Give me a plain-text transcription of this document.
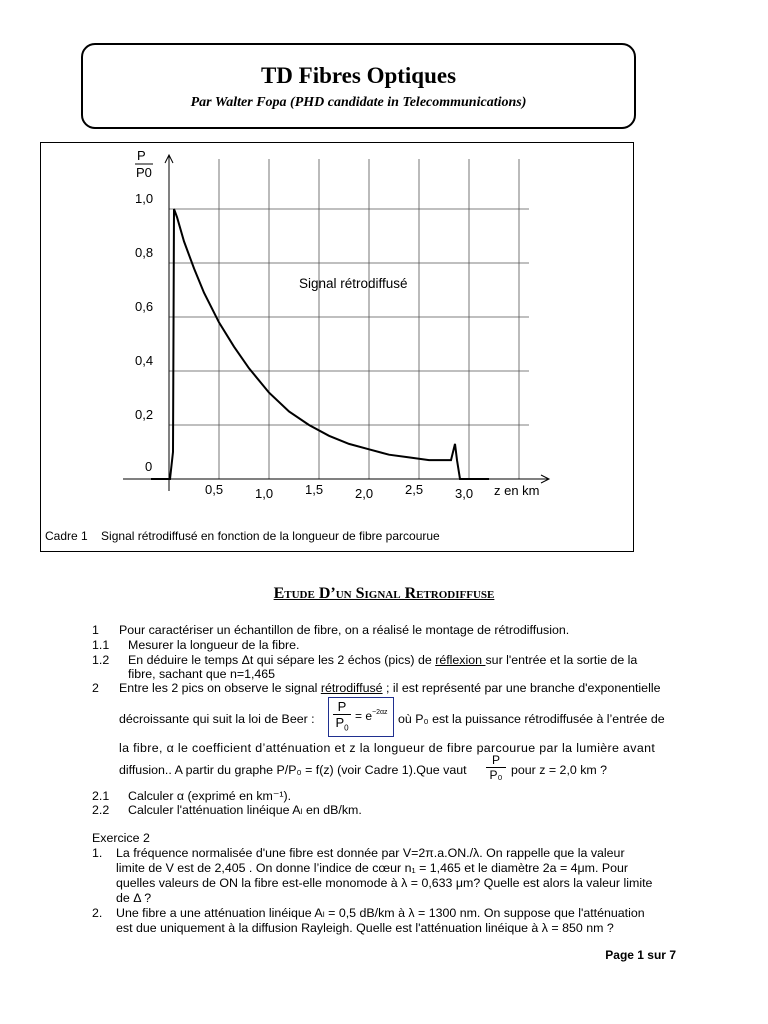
TD Fibres Optiques
Par Walter Fopa (PHD candidate in Telecommunications)
0,5 1,0 1,5 2,0 2,5 3,0
0
0,2
0,4
0,6
0,8
1,0
Signal rétrodiffusé
z en km
P
P0
Cadre 1 Signal rétrodiffusé en fonction de la longueur de fibre parcourue
Etude D’un Signal Retrodiffuse
1 Pour caractériser un échantillon de fibre, on a réalisé le montage de rétrodiffusion.
1.1 Mesurer la longueur de la fibre.
1.2 En déduire le temps Δt qui sépare les 2 échos (pics) de réflexion sur l'entrée et la sortie de la
fibre, sachant que n=1,465
2 Entre les 2 pics on observe le signal rétrodiffusé ; il est représenté par une branche d'exponentielle
décroissante qui suit la loi de Beer : $\frac{P}{P_0} = e^{-2\alpha z}$ où P₀ est la puissance rétrodiffusée à l’entrée de
la fibre, α le coefficient d’atténuation et z la longueur de fibre parcourue par la lumière avant
diffusion.. A partir du graphe P/P₀ = f(z) (voir Cadre 1).Que vaut $\frac{P}{\text{P₀}}$ pour z = 2,0 km ?
2.1 Calculer α (exprimé en km⁻¹).
2.2 Calculer l'atténuation linéique Aₗ en dB/km.
Exercice 2
1. La fréquence normalisée d'une fibre est donnée par V=2π.a.ON./λ. On rappelle que la valeur
limite de V est de 2,405 . On donne l’indice de cœur n₁ = 1,465 et le diamètre 2a = 4μm. Pour
quelles valeurs de ON la fibre est-elle monomode à λ = 0,633 μm? Quelle est alors la valeur limite
de Δ ?
2. Une fibre a une atténuation linéique Aₗ = 0,5 dB/km à λ = 1300 nm. On suppose que l'atténuation
est due uniquement à la diffusion Rayleigh. Quelle est l'atténuation linéique à λ = 850 nm ?
Page 1 sur 7
